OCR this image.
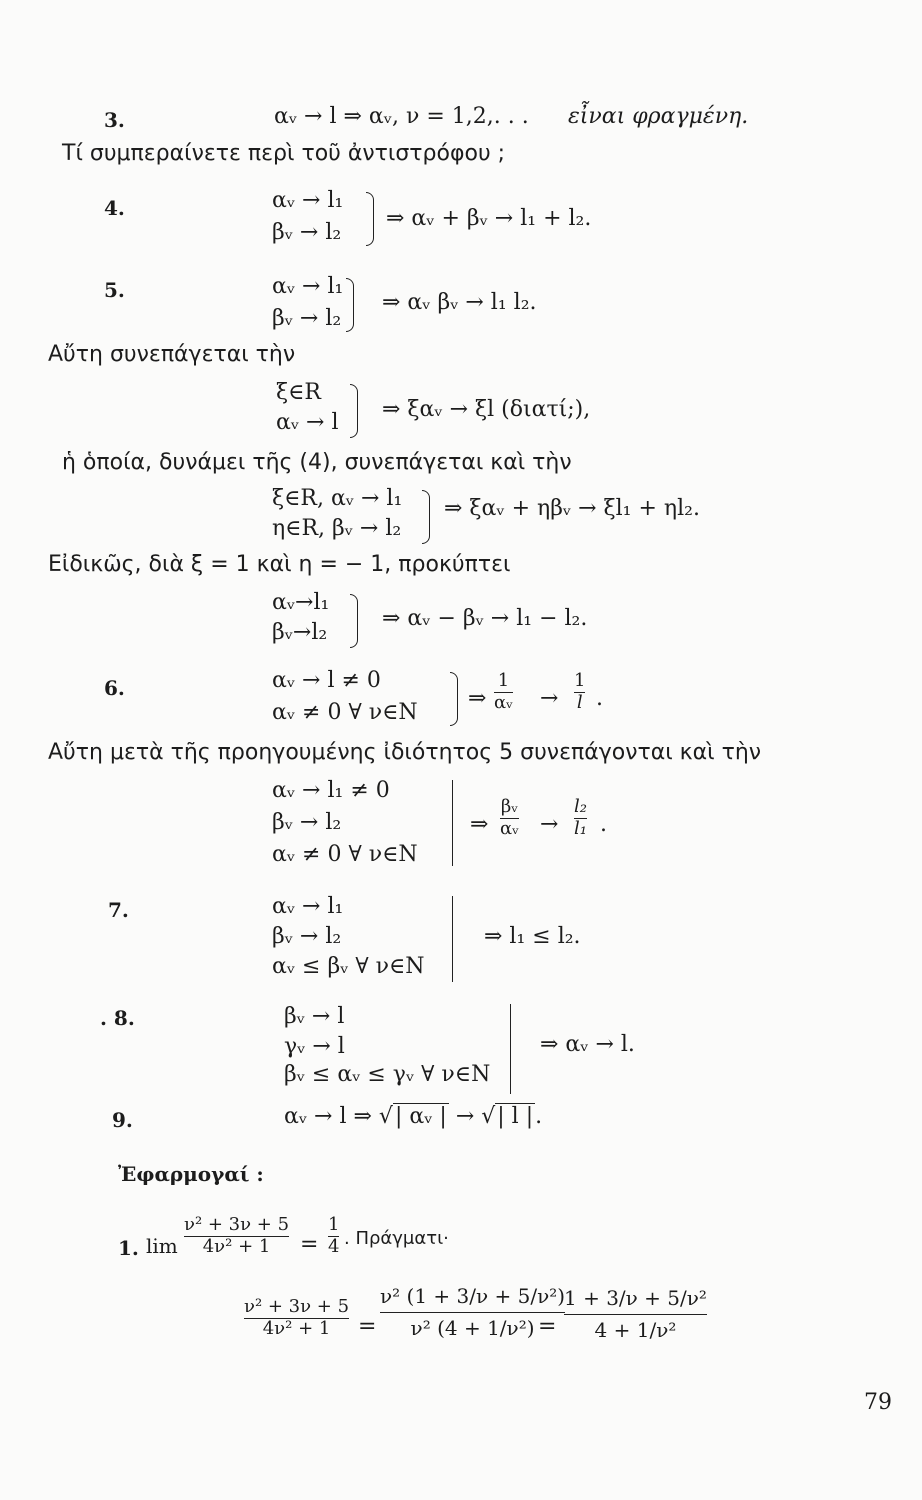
3.	αᵥ → l ⇒ αᵥ, ν = 1,2,. . . εἶναι φραγμένη.
Τί συμπεραίνετε περὶ τοῦ ἀντιστρόφου ;
4.	αᵥ → l₁
βᵥ → l₂
⇒ αᵥ + βᵥ → l₁ + l₂.
5.	αᵥ → l₁
βᵥ → l₂
⇒ αᵥ βᵥ → l₁ l₂.
Αὔτη συνεπάγεται τὴν
ξ∈R
αᵥ → l
⇒ ξαᵥ → ξl (διατί;),
ἡ ὁποία, δυνάμει τῆς (4), συνεπάγεται καὶ τὴν
ξ∈R, αᵥ → l₁
η∈R, βᵥ → l₂
⇒ ξαᵥ + ηβᵥ → ξl₁ + ηl₂.
Εἰδικῶς, διὰ ξ = 1 καὶ η = − 1, προκύπτει
αᵥ→l₁
βᵥ→l₂
⇒ αᵥ − βᵥ → l₁ − l₂.
6.	αᵥ → l ≠ 0
αᵥ ≠ 0 ∀ ν∈N
⇒
1
αᵥ →
1
l .
Αὔτη μετὰ τῆς προηγουμένης ἰδιότητος 5 συνεπάγονται καὶ τὴν
αᵥ → l₁ ≠ 0
βᵥ → l₂
αᵥ ≠ 0 ∀ ν∈N
⇒
βᵥ
αᵥ →
l₂
l₁ .
7.	αᵥ → l₁
βᵥ → l₂
αᵥ ≤ βᵥ ∀ ν∈N
⇒ l₁ ≤ l₂.
. 8.	βᵥ → l
γᵥ → l
βᵥ ≤ αᵥ ≤ γᵥ ∀ ν∈N
⇒ αᵥ → l.
9.	αᵥ → l ⇒ √| αᵥ | → √| l |.
Ἐφαρμογαί :
1. lim
ν² + 3ν + 5
4ν² + 1 =
1
4 . Πράγματι·
ν² + 3ν + 5
4ν² + 1 =
ν² (1 + 3/ν + 5/ν²)
ν² (4 + 1/ν²) =
1 + 3/ν + 5/ν²
4 + 1/ν²
79
